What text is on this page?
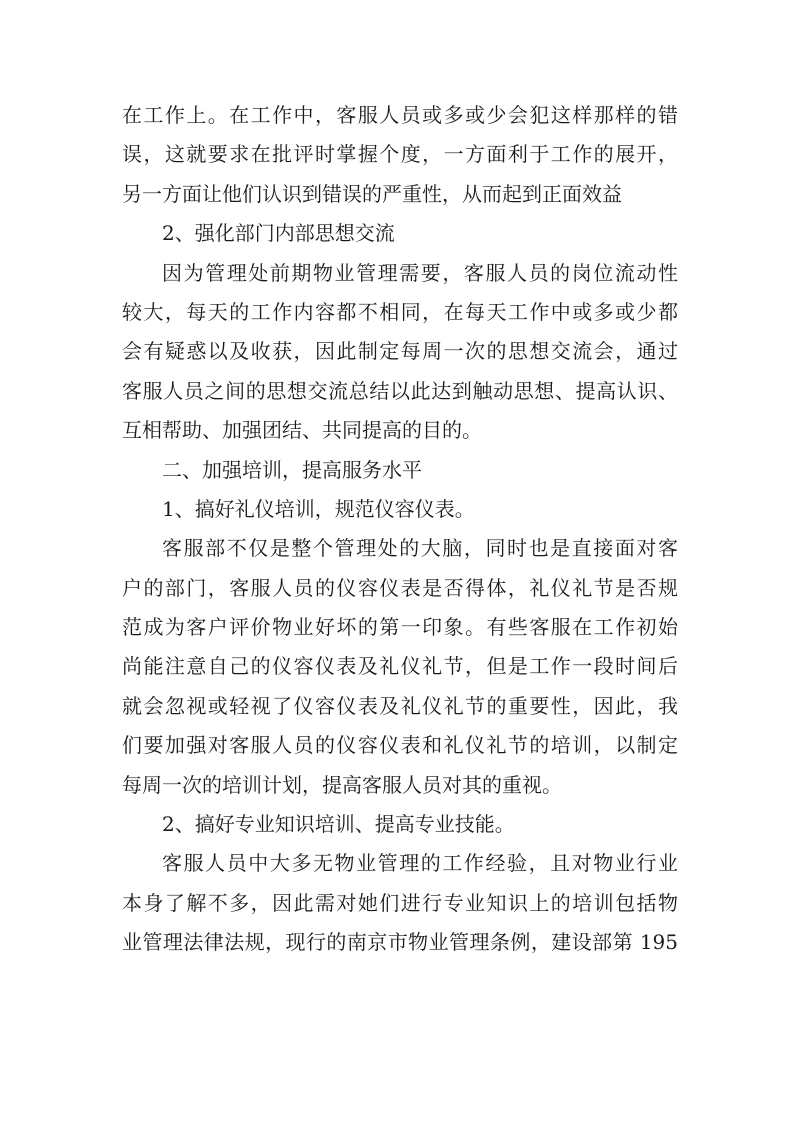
在工作上。在工作中，客服人员或多或少会犯这样那样的错
误，这就要求在批评时掌握个度，一方面利于工作的展开，
另一方面让他们认识到错误的严重性，从而起到正面效益
2、强化部门内部思想交流
因为管理处前期物业管理需要，客服人员的岗位流动性
较大，每天的工作内容都不相同，在每天工作中或多或少都
会有疑惑以及收获，因此制定每周一次的思想交流会，通过
客服人员之间的思想交流总结以此达到触动思想、提高认识、
互相帮助、加强团结、共同提高的目的。
二、加强培训，提高服务水平
1、搞好礼仪培训，规范仪容仪表。
客服部不仅是整个管理处的大脑，同时也是直接面对客
户的部门，客服人员的仪容仪表是否得体，礼仪礼节是否规
范成为客户评价物业好坏的第一印象。有些客服在工作初始
尚能注意自己的仪容仪表及礼仪礼节，但是工作一段时间后
就会忽视或轻视了仪容仪表及礼仪礼节的重要性，因此，我
们要加强对客服人员的仪容仪表和礼仪礼节的培训，以制定
每周一次的培训计划，提高客服人员对其的重视。
2、搞好专业知识培训、提高专业技能。
客服人员中大多无物业管理的工作经验，且对物业行业
本身了解不多，因此需对她们进行专业知识上的培训包括物
业管理法律法规，现行的南京市物业管理条例，建设部第 195
